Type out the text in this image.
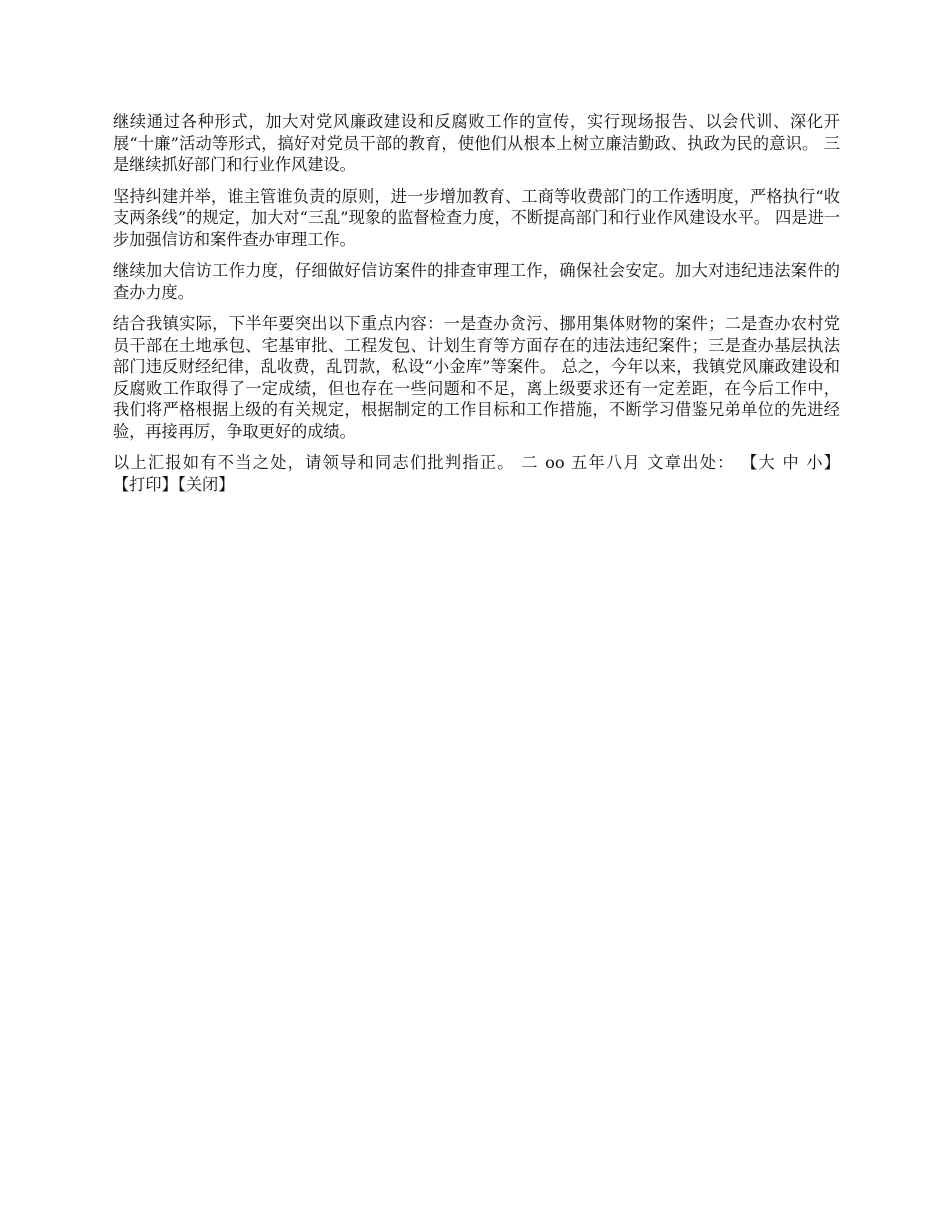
继续通过各种形式，加大对党风廉政建设和反腐败工作的宣传，实行现场报告、以会代训、深化开展“十廉”活动等形式，搞好对党员干部的教育，使他们从根本上树立廉洁勤政、执政为民的意识。 三是继续抓好部门和行业作风建设。

坚持纠建并举，谁主管谁负责的原则，进一步增加教育、工商等收费部门的工作透明度，严格执行“收支两条线”的规定，加大对“三乱”现象的监督检查力度，不断提高部门和行业作风建设水平。 四是进一步加强信访和案件查办审理工作。

继续加大信访工作力度，仔细做好信访案件的排查审理工作，确保社会安定。加大对违纪违法案件的查办力度。

结合我镇实际，下半年要突出以下重点内容：一是查办贪污、挪用集体财物的案件；二是查办农村党员干部在土地承包、宅基审批、工程发包、计划生育等方面存在的违法违纪案件；三是查办基层执法部门违反财经纪律，乱收费，乱罚款，私设“小金库”等案件。 总之，今年以来，我镇党风廉政建设和反腐败工作取得了一定成绩，但也存在一些问题和不足，离上级要求还有一定差距，在今后工作中，我们将严格根据上级的有关规定，根据制定的工作目标和工作措施，不断学习借鉴兄弟单位的先进经验，再接再厉，争取更好的成绩。

以上汇报如有不当之处，请领导和同志们批判指正。 二 oo 五年八月 文章出处： 【大 中 小】【打印】【关闭】
